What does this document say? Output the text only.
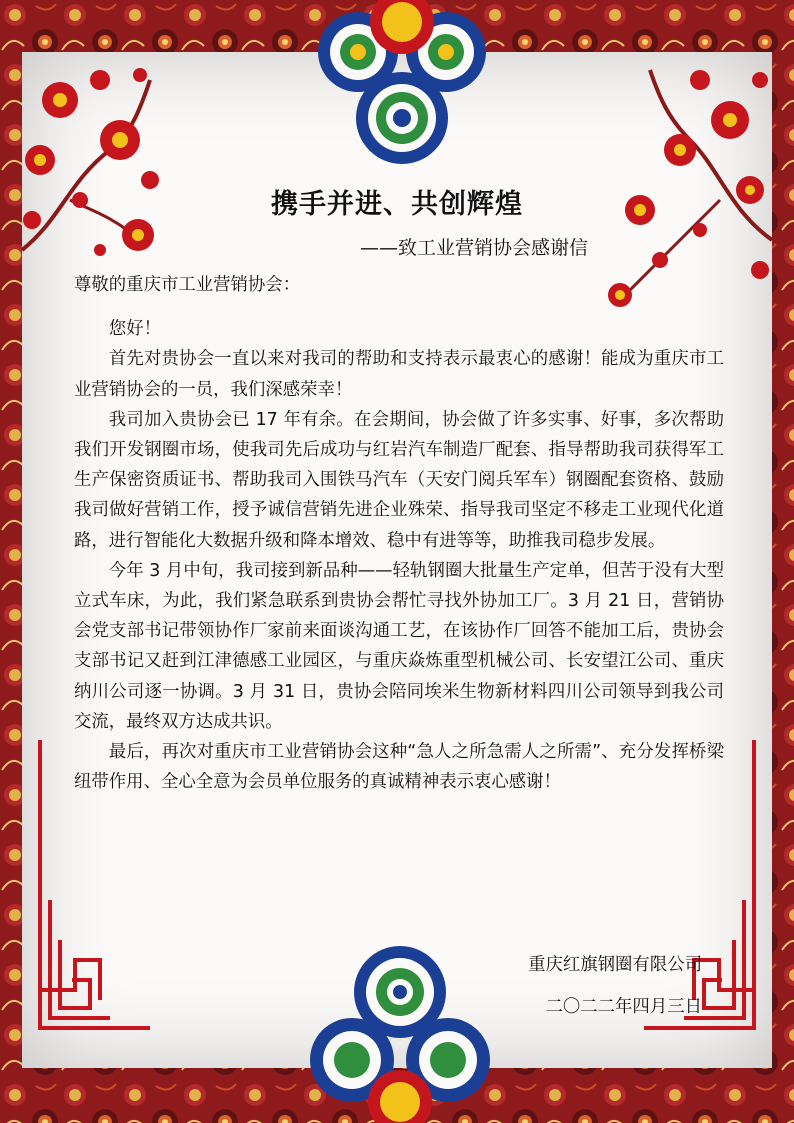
携手并进、共创辉煌
——致工业营销协会感谢信

尊敬的重庆市工业营销协会：

您好！

首先对贵协会一直以来对我司的帮助和支持表示最衷心的感谢！能成为重庆市工业营销协会的一员，我们深感荣幸！

我司加入贵协会已 17 年有余。在会期间，协会做了许多实事、好事，多次帮助我们开发钢圈市场，使我司先后成功与红岩汽车制造厂配套、指导帮助我司获得军工生产保密资质证书、帮助我司入围铁马汽车（天安门阅兵军车）钢圈配套资格、鼓励我司做好营销工作，授予诚信营销先进企业殊荣、指导我司坚定不移走工业现代化道路，进行智能化大数据升级和降本增效、稳中有进等等，助推我司稳步发展。

今年 3 月中旬，我司接到新品种——轻轨钢圈大批量生产定单，但苦于没有大型立式车床，为此，我们紧急联系到贵协会帮忙寻找外协加工厂。3 月 21 日，营销协会党支部书记带领协作厂家前来面谈沟通工艺，在该协作厂回答不能加工后，贵协会支部书记又赶到江津德感工业园区，与重庆焱炼重型机械公司、长安望江公司、重庆纳川公司逐一协调。3 月 31 日，贵协会陪同埃米生物新材料四川公司领导到我公司交流，最终双方达成共识。

最后，再次对重庆市工业营销协会这种“急人之所急需人之所需”、充分发挥桥梁纽带作用、全心全意为会员单位服务的真诚精神表示衷心感谢！

重庆红旗钢圈有限公司
二〇二二年四月三日
